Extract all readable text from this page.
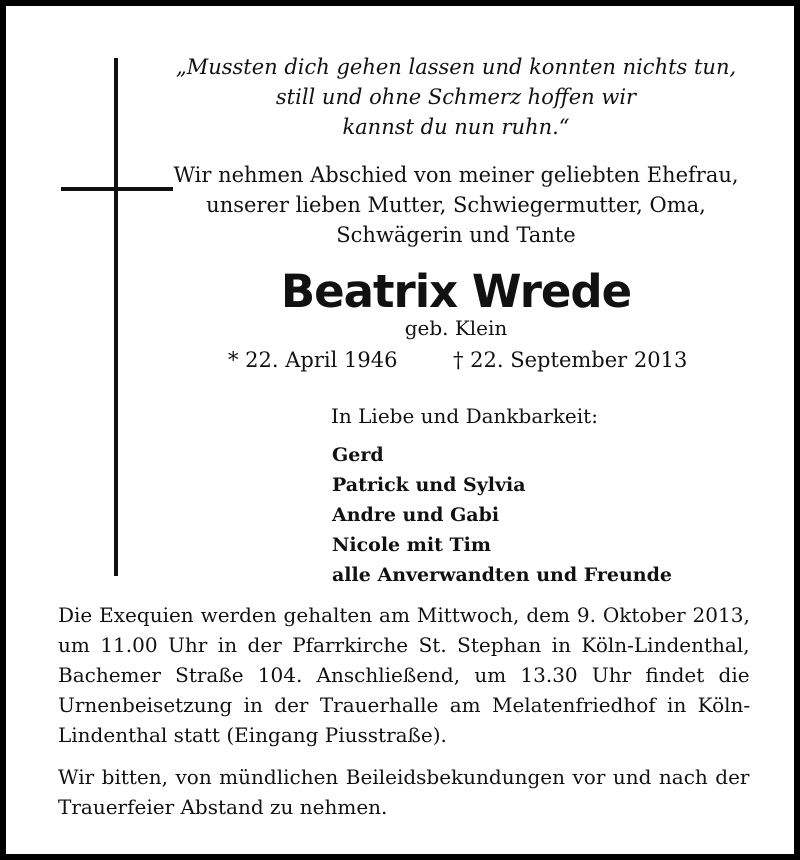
„Mussten dich gehen lassen und konnten nichts tun,
still und ohne Schmerz hoffen wir
kannst du nun ruhn.“
Wir nehmen Abschied von meiner geliebten Ehefrau,
unserer lieben Mutter, Schwiegermutter, Oma,
Schwägerin und Tante
Beatrix Wrede
geb. Klein
* 22. April 1946	† 22. September 2013
In Liebe und Dankbarkeit:
Gerd
Patrick und Sylvia
Andre und Gabi
Nicole mit Tim
alle Anverwandten und Freunde
Die Exequien werden gehalten am Mittwoch, dem 9. Oktober 2013,
um 11.00 Uhr in der Pfarrkirche St. Stephan in Köln-Lindenthal,
Bachemer Straße 104. Anschließend, um 13.30 Uhr findet die
Urnenbeisetzung in der Trauerhalle am Melatenfriedhof in Köln-
Lindenthal statt (Eingang Piusstraße).
Wir bitten, von mündlichen Beileidsbekundungen vor und nach der
Trauerfeier Abstand zu nehmen.
